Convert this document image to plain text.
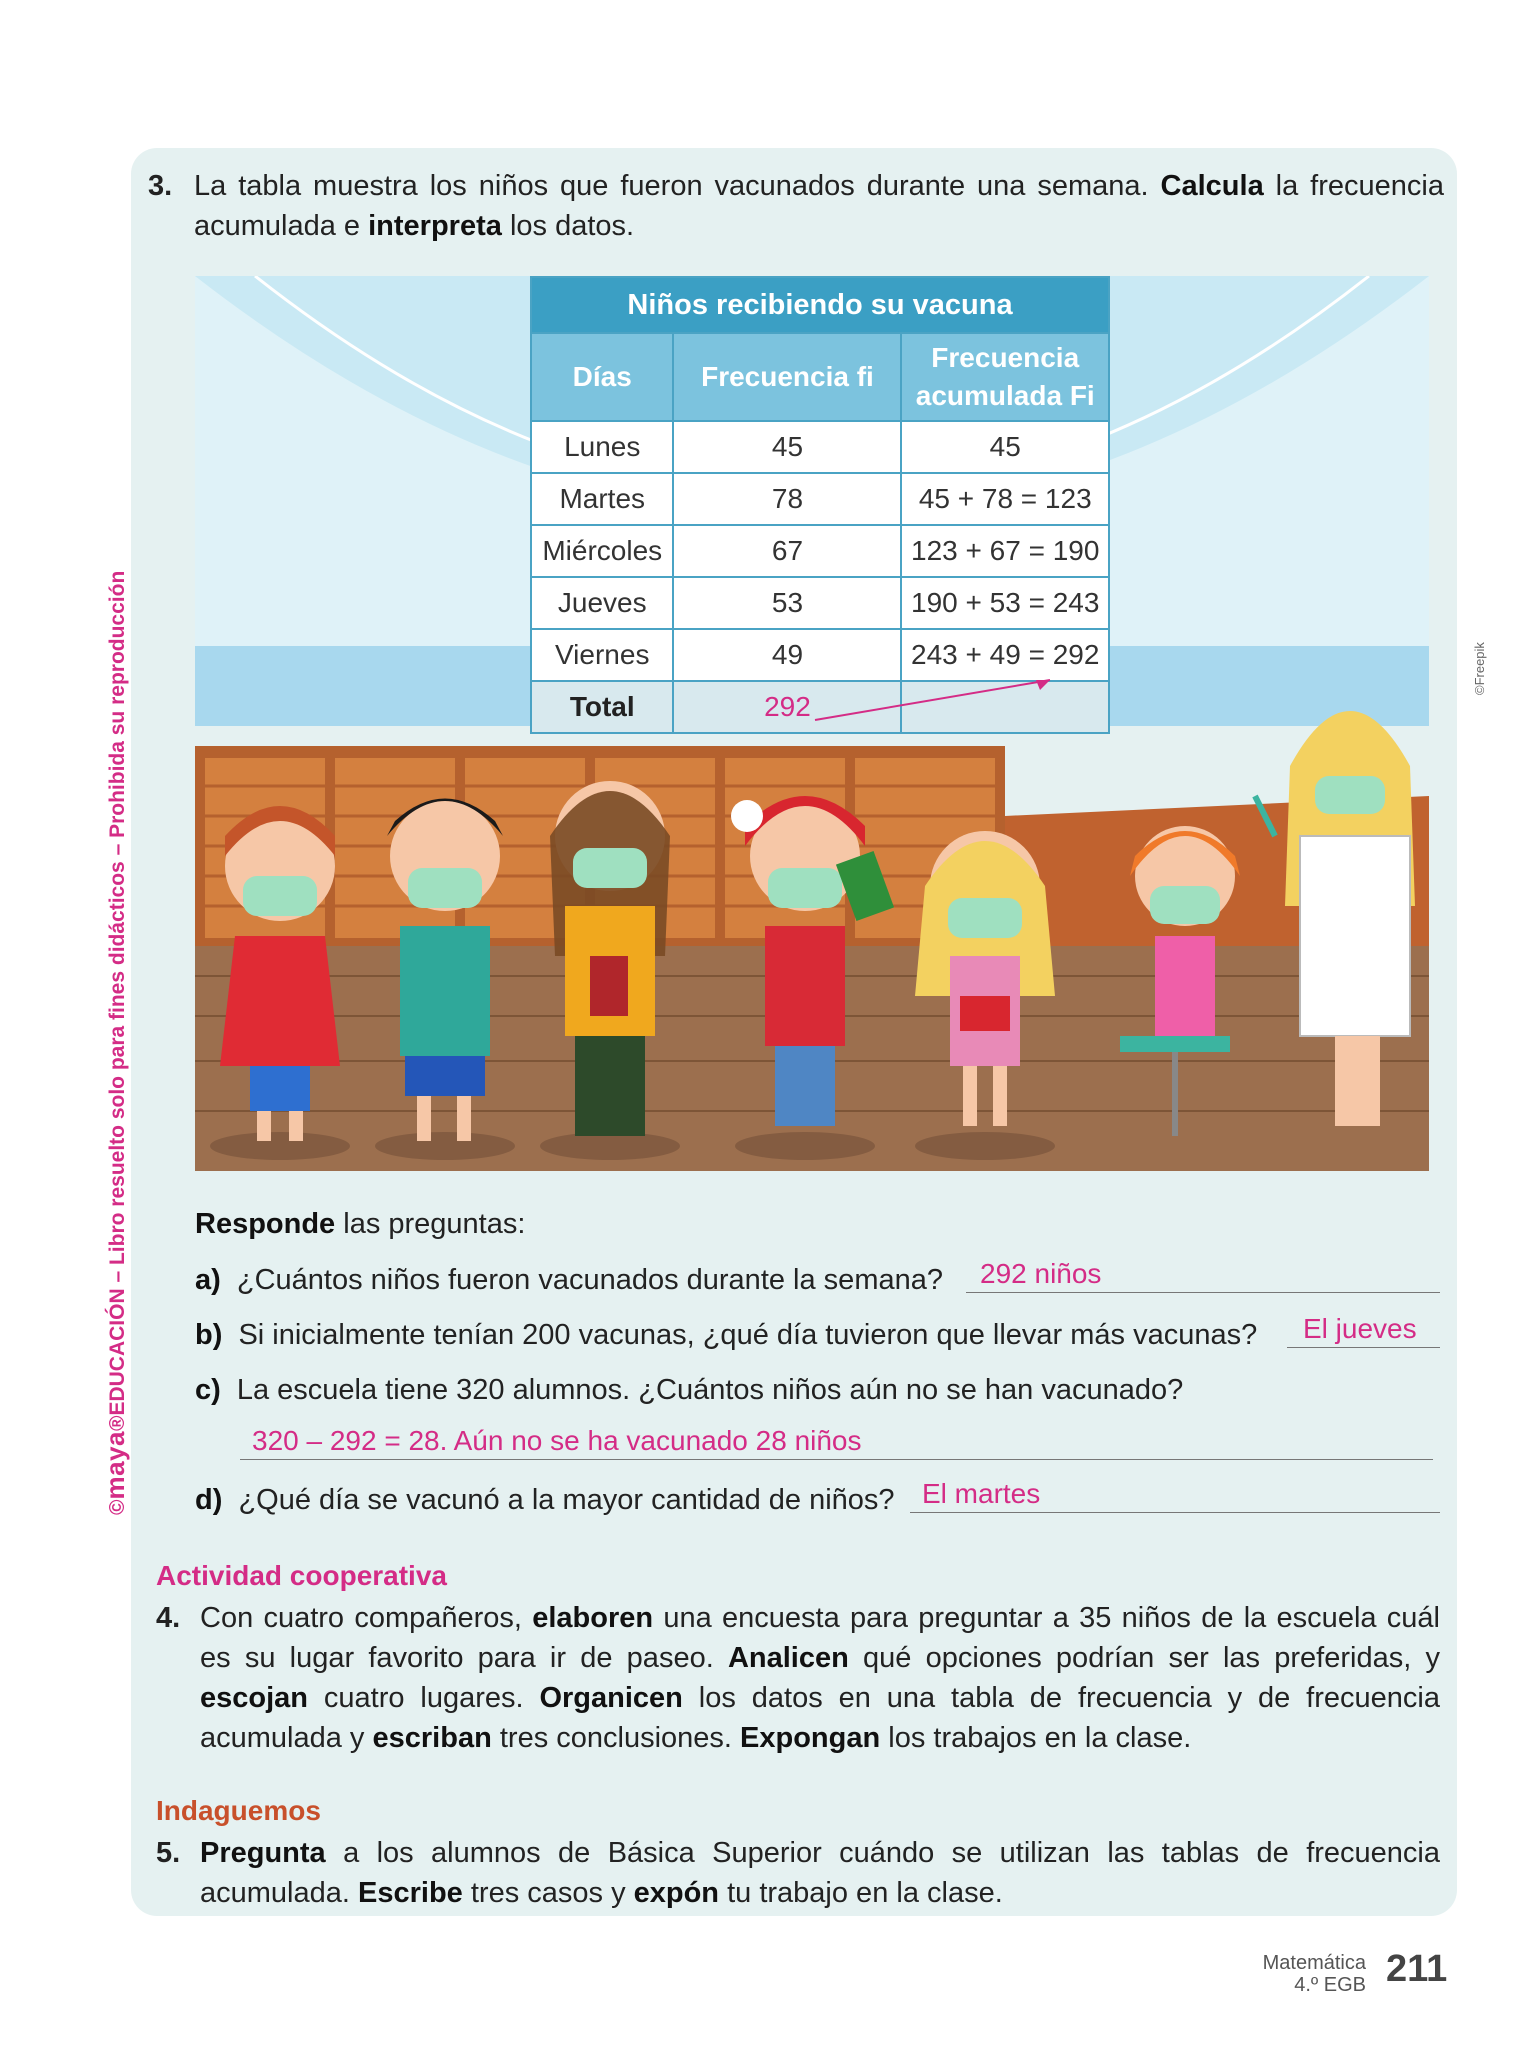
©maya®EDUCACIÓN – Libro resuelto solo para fines didácticos – Prohibida su reproducción	©Freepik
3. La tabla muestra los niños que fueron vacunados durante una semana. Calcula la frecuencia acumulada e interpreta los datos.
Niños recibiendo su vacuna		
Días	Frecuencia fi	Frecuencia acumulada Fi
Lunes	45	45
Martes	78	45 + 78 = 123
Miércoles	67	123 + 67 = 190
Jueves	53	190 + 53 = 243
Viernes	49	243 + 49 = 292
Total	292	
Responde las preguntas:
a) ¿Cuántos niños fueron vacunados durante la semana?	292 niños
b) Si inicialmente tenían 200 vacunas, ¿qué día tuvieron que llevar más vacunas?	El jueves
c) La escuela tiene 320 alumnos. ¿Cuántos niños aún no se han vacunado?
320 – 292 = 28. Aún no se ha vacunado 28 niños
d) ¿Qué día se vacunó a la mayor cantidad de niños? El martes
Actividad cooperativa
4. Con cuatro compañeros, elaboren una encuesta para preguntar a 35 niños de la escuela cuál es su lugar favorito para ir de paseo. Analicen qué opciones podrían ser las preferidas, y escojan cuatro lugares. Organicen los datos en una tabla de frecuencia y de frecuencia acumulada y escriban tres conclusiones. Expongan los trabajos en la clase.
Indaguemos
5. Pregunta a los alumnos de Básica Superior cuándo se utilizan las tablas de frecuencia acumulada. Escribe tres casos y expón tu trabajo en la clase.
Matemática
4.º EGB 211
